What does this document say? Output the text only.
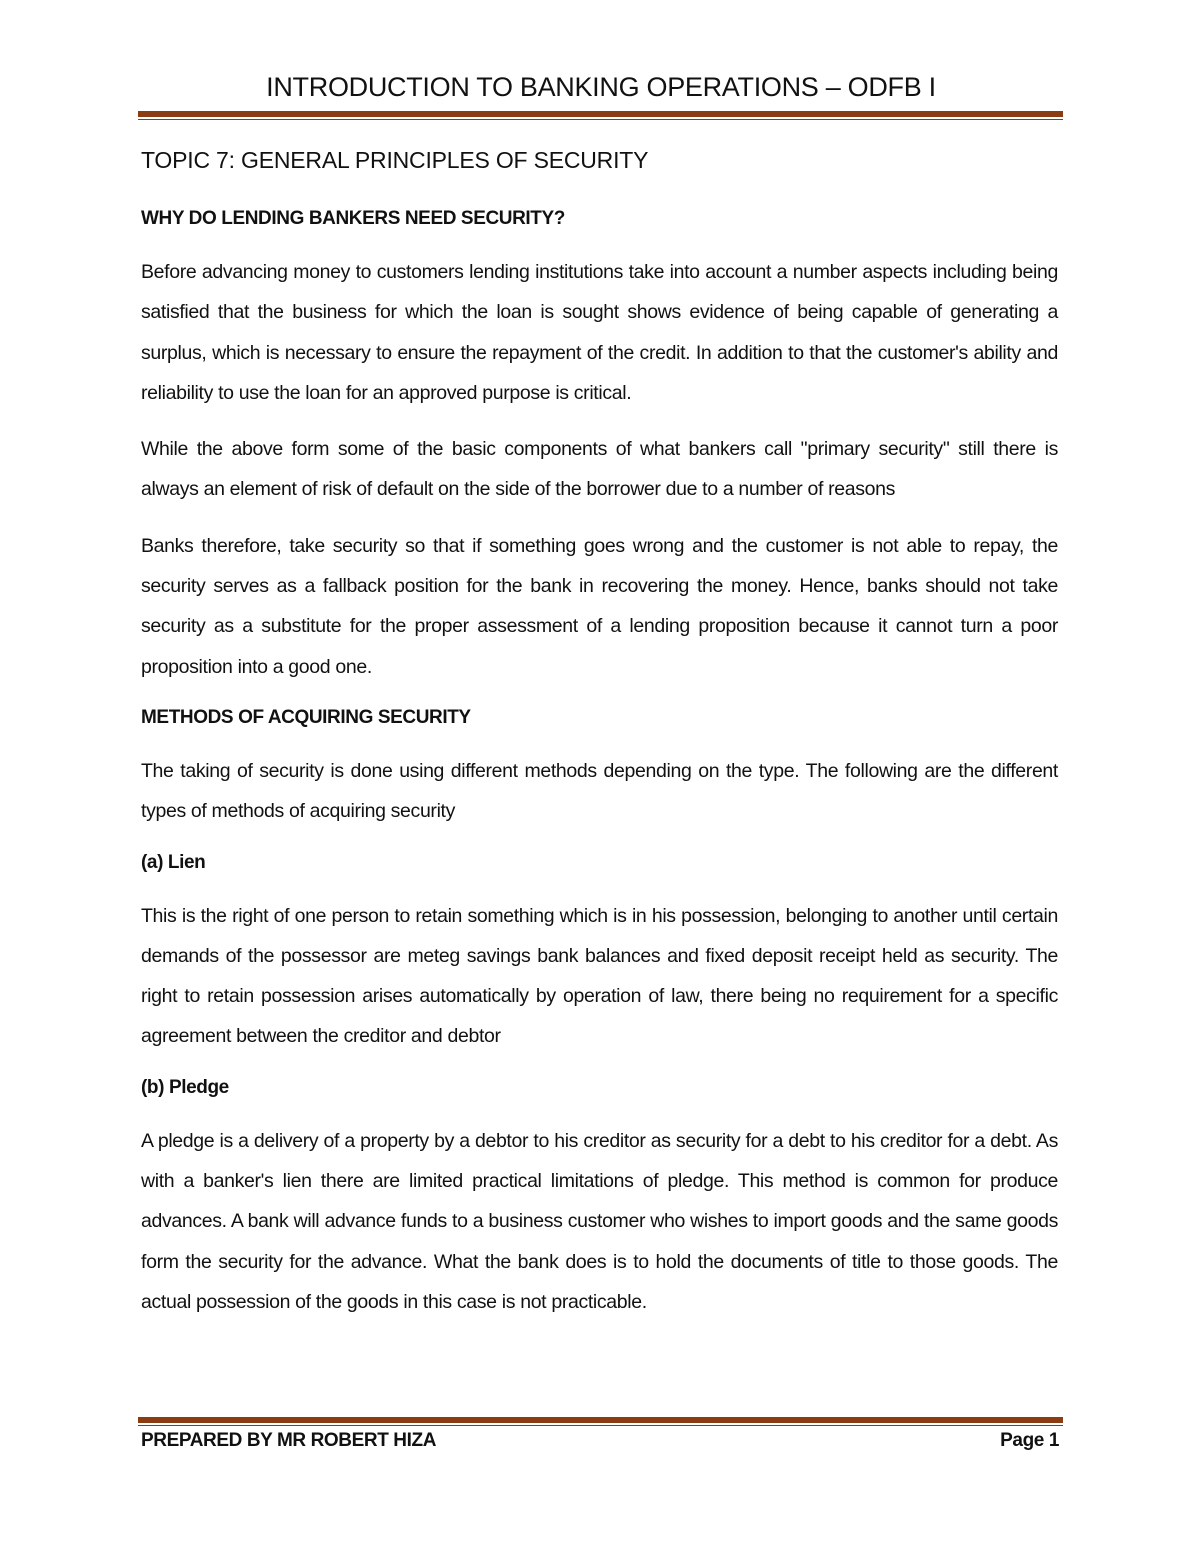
INTRODUCTION TO BANKING OPERATIONS – ODFB I
TOPIC 7: GENERAL PRINCIPLES OF SECURITY
WHY DO LENDING BANKERS NEED SECURITY?

Before advancing money to customers lending institutions take into account a number aspects including being satisfied that the business for which the loan is sought shows evidence of being capable of generating a surplus, which is necessary to ensure the repayment of the credit. In addition to that the customer's ability and reliability to use the loan for an approved purpose is critical.

While the above form some of the basic components of what bankers call "primary security" still there is always an element of risk of default on the side of the borrower due to a number of reasons

Banks therefore, take security so that if something goes wrong and the customer is not able to repay, the security serves as a fallback position for the bank in recovering the money. Hence, banks should not take security as a substitute for the proper assessment of a lending proposition because it cannot turn a poor proposition into a good one.

METHODS OF ACQUIRING SECURITY

The taking of security is done using different methods depending on the type. The following are the different types of methods of acquiring security

(a) Lien

This is the right of one person to retain something which is in his possession, belonging to another until certain demands of the possessor are meteg savings bank balances and fixed deposit receipt held as security. The right to retain possession arises automatically by operation of law, there being no requirement for a specific agreement between the creditor and debtor

(b) Pledge

A pledge is a delivery of a property by a debtor to his creditor as security for a debt to his creditor for a debt. As with a banker's lien there are limited practical limitations of pledge. This method is common for produce advances. A bank will advance funds to a business customer who wishes to import goods and the same goods form the security for the advance. What the bank does is to hold the documents of title to those goods. The actual possession of the goods in this case is not practicable.

PREPARED BY MR ROBERT HIZA	Page 1
